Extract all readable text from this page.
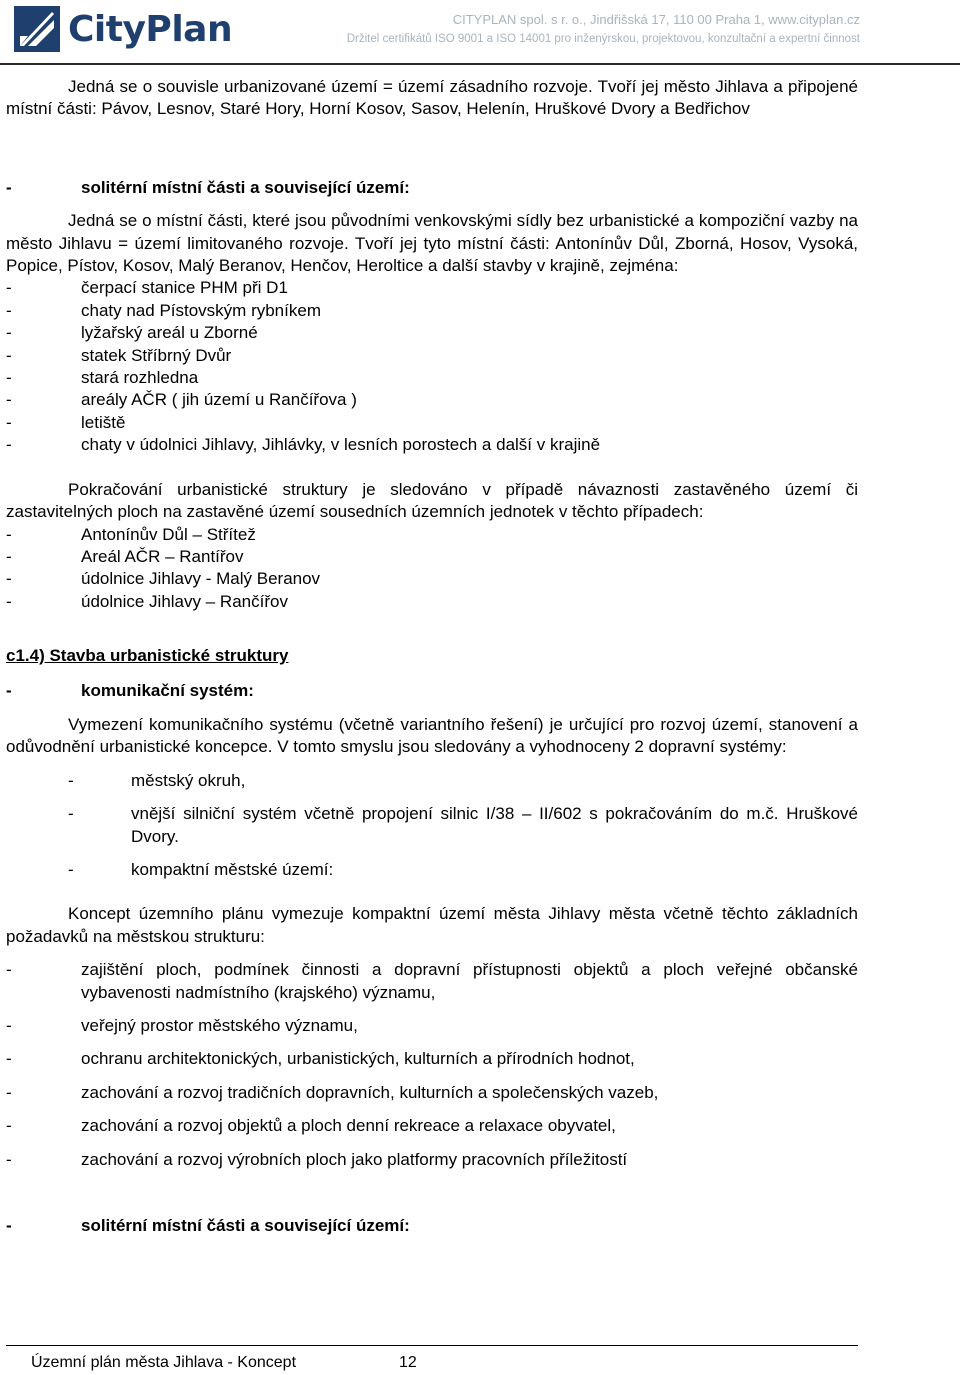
CityPlan	CITYPLAN spol. s r. o., Jindřišská 17, 110 00 Praha 1, www.cityplan.cz
Držitel certifikátů ISO 9001 a ISO 14001 pro inženýrskou, projektovou, konzultační a expertní činnost

Jedná se o souvisle urbanizované území = území zásadního rozvoje. Tvoří jej město Jihlava a připojené místní části: Pávov, Lesnov, Staré Hory, Horní Kosov, Sasov, Helenín, Hruškové Dvory a Bedřichov

-	solitérní místní části a související území:

Jedná se o místní části, které jsou původními venkovskými sídly bez urbanistické a kompoziční vazby na město Jihlavu = území limitovaného rozvoje. Tvoří jej tyto místní části: Antonínův Důl, Zborná, Hosov, Vysoká, Popice, Pístov, Kosov, Malý Beranov, Henčov, Heroltice a další stavby v krajině, zejména:

-	čerpací stanice PHM při D1
-	chaty nad Pístovským rybníkem
-	lyžařský areál u Zborné
-	statek Stříbrný Dvůr
-	stará rozhledna
-	areály AČR ( jih území u Rančířova )
-	letiště
-	chaty v údolnici Jihlavy, Jihlávky, v lesních porostech a další v krajině

Pokračování urbanistické struktury je sledováno v případě návaznosti zastavěného území či zastavitelných ploch na zastavěné území sousedních územních jednotek v těchto případech:

-	Antonínův Důl – Střítež
-	Areál AČR – Rantířov
-	údolnice Jihlavy - Malý Beranov
-	údolnice Jihlavy – Rančířov
c1.4) Stavba urbanistické struktury
-	komunikační systém:

Vymezení komunikačního systému (včetně variantního řešení) je určující pro rozvoj území, stanovení a odůvodnění urbanistické koncepce. V tomto smyslu jsou sledovány a vyhodnoceny 2 dopravní systémy:

-	městský okruh,
-	vnější silniční systém včetně propojení silnic I/38 – II/602 s pokračováním do m.č. Hruškové Dvory.
-	kompaktní městské území:

Koncept územního plánu vymezuje kompaktní území města Jihlavy města včetně těchto základních požadavků na městskou strukturu:

-	zajištění ploch, podmínek činnosti a dopravní přístupnosti objektů a ploch veřejné občanské vybavenosti nadmístního (krajského) významu,
-	veřejný prostor městského významu,
-	ochranu architektonických, urbanistických, kulturních a přírodních hodnot,
-	zachování a rozvoj tradičních dopravních, kulturních a společenských vazeb,
-	zachování a rozvoj objektů a ploch denní rekreace a relaxace obyvatel,
-	zachování a rozvoj výrobních ploch jako platformy pracovních příležitostí
-	solitérní místní části a související území:
Územní plán města Jihlava - Koncept	12
